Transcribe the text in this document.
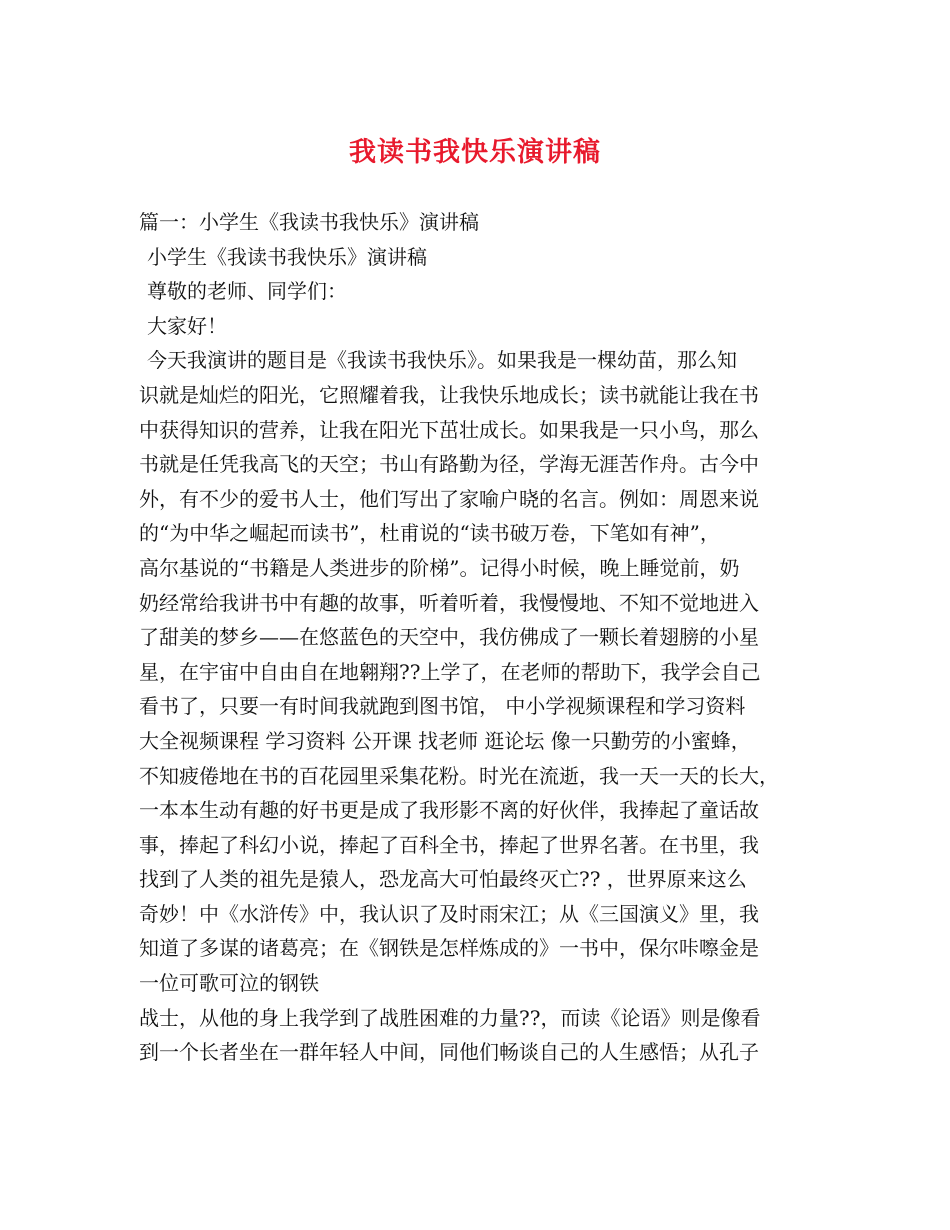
我读书我快乐演讲稿
篇一：小学生《我读书我快乐》演讲稿
小学生《我读书我快乐》演讲稿
尊敬的老师、同学们：
大家好！
今天我演讲的题目是《我读书我快乐》。如果我是一棵幼苗，那么知
识就是灿烂的阳光，它照耀着我，让我快乐地成长；读书就能让我在书
中获得知识的营养，让我在阳光下茁壮成长。如果我是一只小鸟，那么
书就是任凭我高飞的天空；书山有路勤为径，学海无涯苦作舟。古今中
外，有不少的爱书人士，他们写出了家喻户晓的名言。例如：周恩来说
的“为中华之崛起而读书”，杜甫说的“读书破万卷，下笔如有神”，
高尔基说的“书籍是人类进步的阶梯”。记得小时候，晚上睡觉前，奶
奶经常给我讲书中有趣的故事，听着听着，我慢慢地、不知不觉地进入
了甜美的梦乡——在悠蓝色的天空中，我仿佛成了一颗长着翅膀的小星
星，在宇宙中自由自在地翱翔??上学了，在老师的帮助下，我学会自己
看书了，只要一有时间我就跑到图书馆， 中小学视频课程和学习资料
大全视频课程 学习资料 公开课 找老师 逛论坛 像一只勤劳的小蜜蜂，
不知疲倦地在书的百花园里采集花粉。时光在流逝，我一天一天的长大，
一本本生动有趣的好书更是成了我形影不离的好伙伴，我捧起了童话故
事，捧起了科幻小说，捧起了百科全书，捧起了世界名著。在书里，我
找到了人类的祖先是猿人，恐龙高大可怕最终灭亡?? ，世界原来这么
奇妙！中《水浒传》中，我认识了及时雨宋江；从《三国演义》里，我
知道了多谋的诸葛亮；在《钢铁是怎样炼成的》一书中，保尔咔嚓金是
一位可歌可泣的钢铁
战士，从他的身上我学到了战胜困难的力量??，而读《论语》则是像看
到一个长者坐在一群年轻人中间，同他们畅谈自己的人生感悟；从孔子
